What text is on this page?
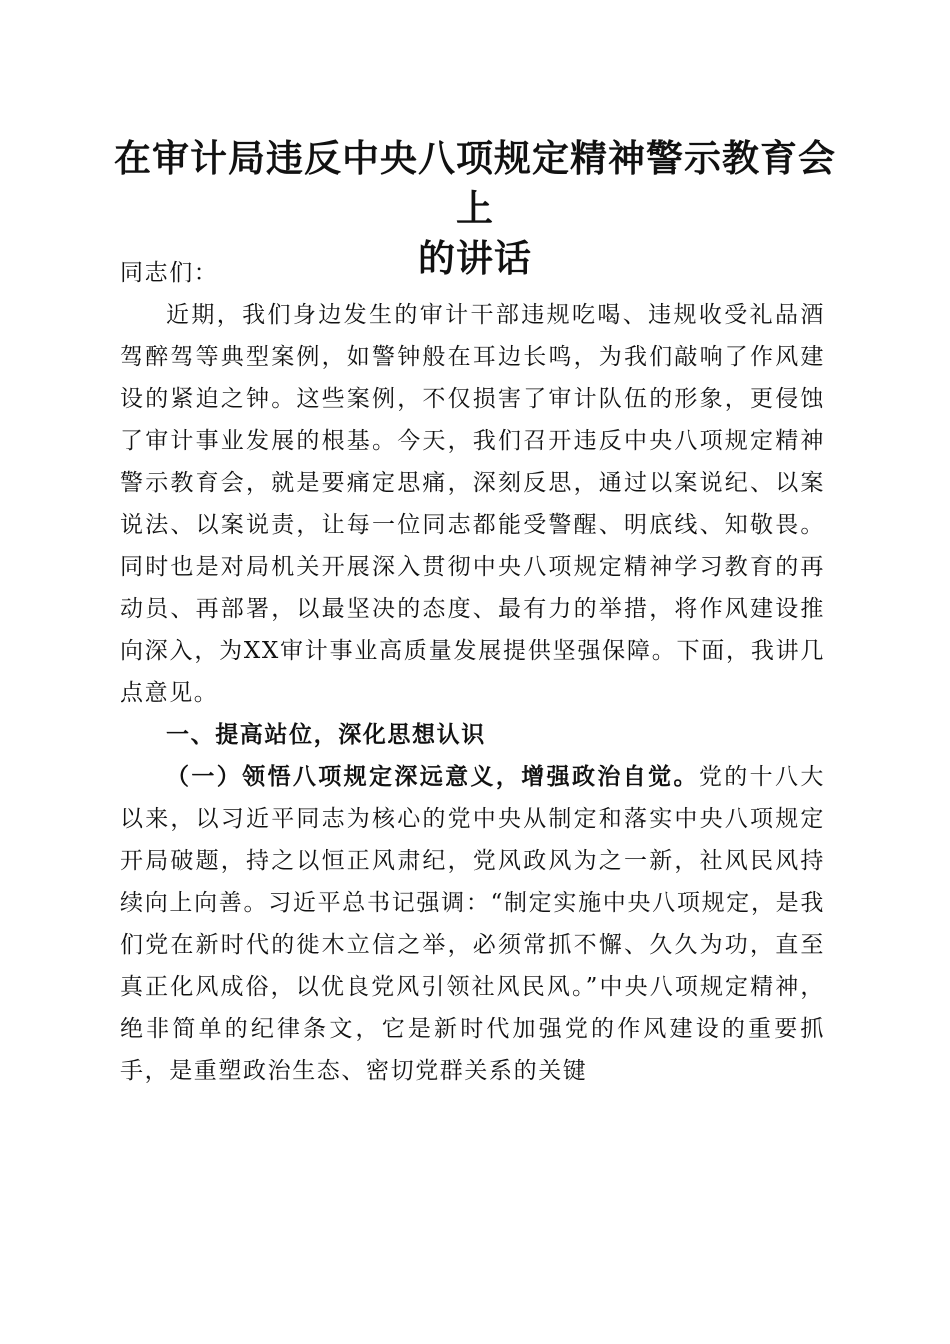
在审计局违反中央八项规定精神警示教育会上
的讲话

同志们：

近期，我们身边发生的审计干部违规吃喝、违规收受礼品酒驾醉驾等典型案例，如警钟般在耳边长鸣，为我们敲响了作风建设的紧迫之钟。这些案例，不仅损害了审计队伍的形象，更侵蚀了审计事业发展的根基。今天，我们召开违反中央八项规定精神警示教育会，就是要痛定思痛，深刻反思，通过以案说纪、以案说法、以案说责，让每一位同志都能受警醒、明底线、知敬畏。同时也是对局机关开展深入贯彻中央八项规定精神学习教育的再动员、再部署，以最坚决的态度、最有力的举措，将作风建设推向深入，为XX审计事业高质量发展提供坚强保障。下面，我讲几点意见。

一、提高站位，深化思想认识

（一）领悟八项规定深远意义，增强政治自觉。党的十八大以来，以习近平同志为核心的党中央从制定和落实中央八项规定开局破题，持之以恒正风肃纪，党风政风为之一新，社风民风持续向上向善。习近平总书记强调：“制定实施中央八项规定，是我们党在新时代的徙木立信之举，必须常抓不懈、久久为功，直至真正化风成俗，以优良党风引领社风民风。”中央八项规定精神，绝非简单的纪律条文，它是新时代加强党的作风建设的重要抓手，是重塑政治生态、密切党群关系的关键
